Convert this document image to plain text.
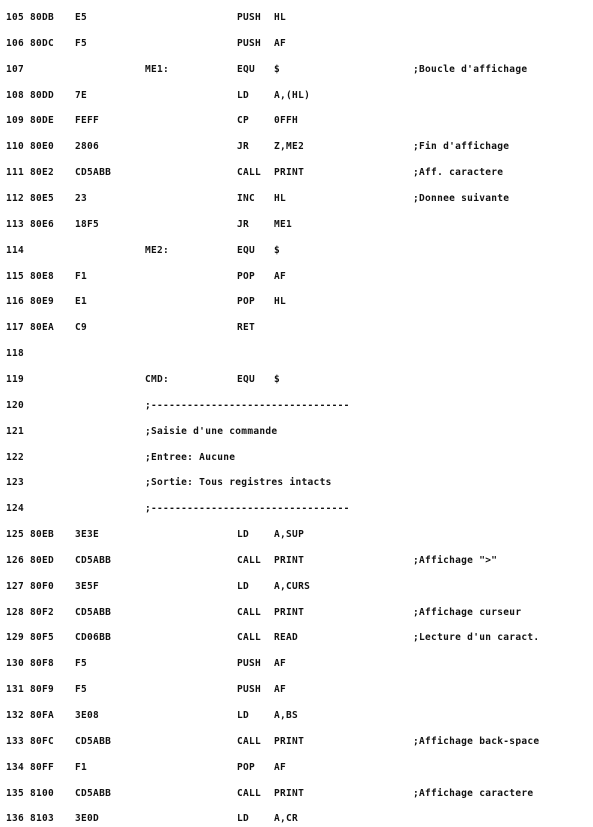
105 80DB E5	PUSH HL
106 80DC F5	PUSH AF
107	ME1:	EQU $	;Boucle d'affichage
108 80DD 7E	LD	A,(HL)
109 80DE FEFF	CP	0FFH
110 80E0 2806	JR	Z,ME2	;Fin d'affichage
111 80E2 CD5ABB	CALL PRINT	;Aff. caractere
112 80E5 23	INC HL	;Donnee suivante
113 80E6 18F5	JR	ME1
114	ME2:	EQU $
115 80E8 F1	POP AF
116 80E9 E1	POP HL
117 80EA C9	RET
118
119	CMD:	EQU $
120	;---------------------------------
121	;Saisie d'une commande
122	;Entree: Aucune
123	;Sortie: Tous registres intacts
124	;---------------------------------
125 80EB 3E3E	LD	A,SUP
126 80ED CD5ABB	CALL PRINT	;Affichage ">"
127 80F0 3E5F	LD	A,CURS
128 80F2 CD5ABB	CALL PRINT	;Affichage curseur
129 80F5 CD06BB	CALL READ	;Lecture d'un caract.
130 80F8 F5	PUSH AF
131 80F9 F5	PUSH AF
132 80FA 3E08	LD	A,BS
133 80FC CD5ABB	CALL PRINT	;Affichage back-space
134 80FF F1	POP AF
135 8100 CD5ABB	CALL PRINT	;Affichage caractere
136 8103 3E0D	LD	A,CR
